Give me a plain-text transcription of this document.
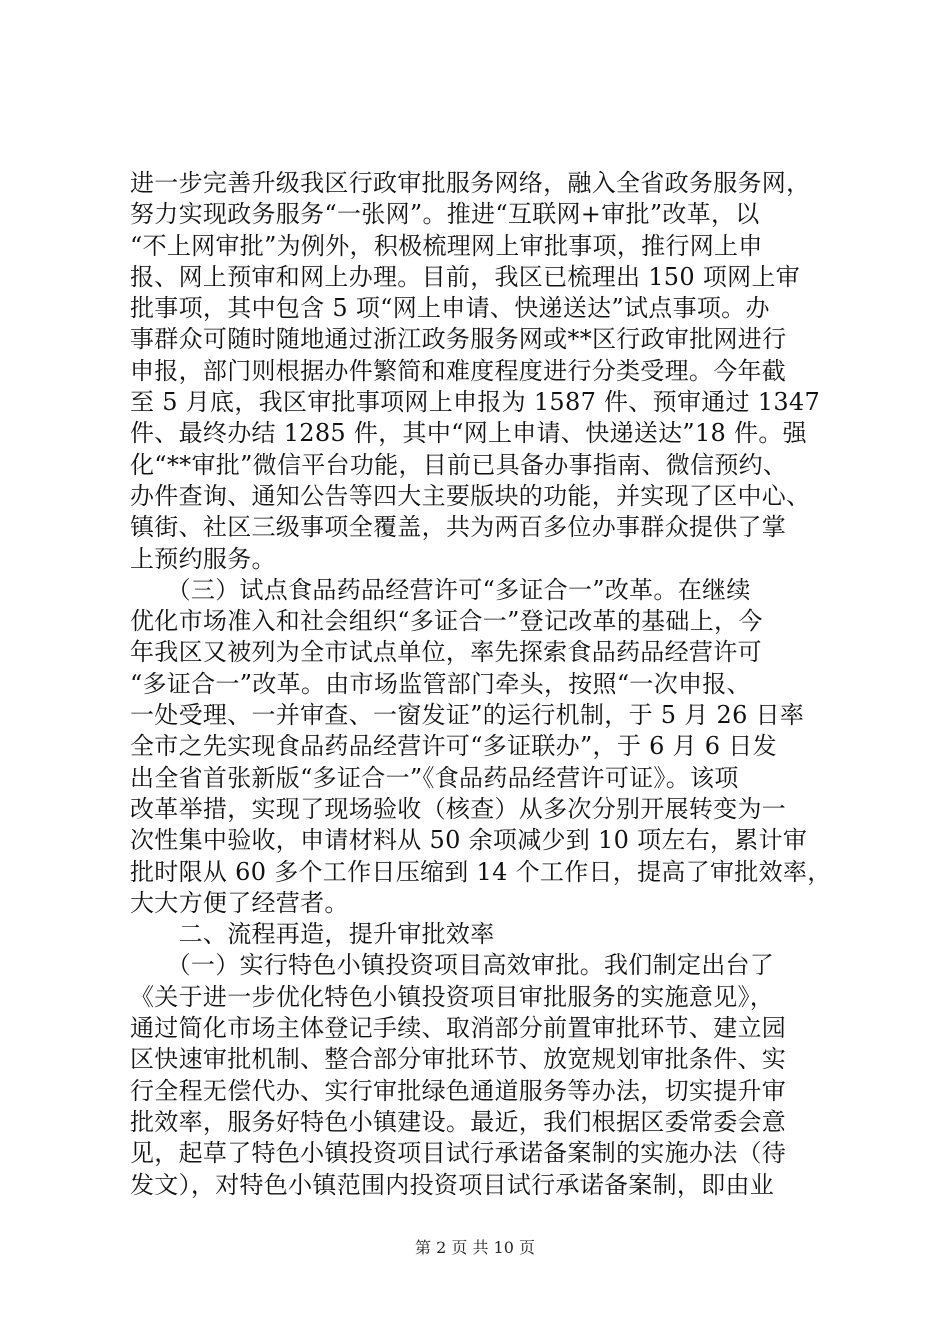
进一步完善升级我区行政审批服务网络，融入全省政务服务网，
努力实现政务服务“一张网”。推进“互联网+审批”改革，以
“不上网审批”为例外，积极梳理网上审批事项，推行网上申
报、网上预审和网上办理。目前，我区已梳理出 150 项网上审
批事项，其中包含 5 项“网上申请、快递送达”试点事项。办
事群众可随时随地通过浙江政务服务网或**区行政审批网进行
申报，部门则根据办件繁简和难度程度进行分类受理。今年截
至 5 月底，我区审批事项网上申报为 1587 件、预审通过 1347
件、最终办结 1285 件，其中“网上申请、快递送达”18 件。强
化“**审批”微信平台功能，目前已具备办事指南、微信预约、
办件查询、通知公告等四大主要版块的功能，并实现了区中心、
镇街、社区三级事项全覆盖，共为两百多位办事群众提供了掌
上预约服务。
　　（三）试点食品药品经营许可“多证合一”改革。在继续
优化市场准入和社会组织“多证合一”登记改革的基础上，今
年我区又被列为全市试点单位，率先探索食品药品经营许可
“多证合一”改革。由市场监管部门牵头，按照“一次申报、
一处受理、一并审查、一窗发证”的运行机制，于 5 月 26 日率
全市之先实现食品药品经营许可“多证联办”，于 6 月 6 日发
出全省首张新版“多证合一”《食品药品经营许可证》。该项
改革举措，实现了现场验收（核查）从多次分别开展转变为一
次性集中验收，申请材料从 50 余项减少到 10 项左右，累计审
批时限从 60 多个工作日压缩到 14 个工作日，提高了审批效率，
大大方便了经营者。
　　二、流程再造，提升审批效率
　　（一）实行特色小镇投资项目高效审批。我们制定出台了
《关于进一步优化特色小镇投资项目审批服务的实施意见》，
通过简化市场主体登记手续、取消部分前置审批环节、建立园
区快速审批机制、整合部分审批环节、放宽规划审批条件、实
行全程无偿代办、实行审批绿色通道服务等办法，切实提升审
批效率，服务好特色小镇建设。最近，我们根据区委常委会意
见，起草了特色小镇投资项目试行承诺备案制的实施办法（待
发文），对特色小镇范围内投资项目试行承诺备案制，即由业
第 2 页 共 10 页
